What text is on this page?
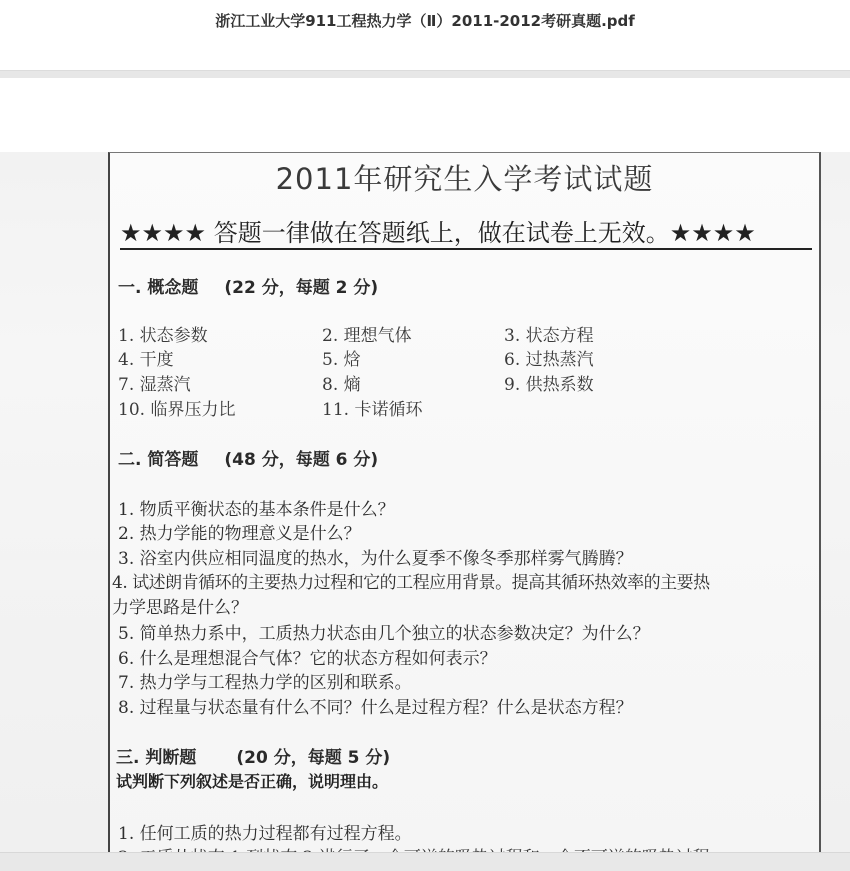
浙江工业大学911工程热力学（Ⅱ）2011-2012考研真题.pdf
2011年研究生入学考试试题
★★★★ 答题一律做在答题纸上，做在试卷上无效。★★★★
一. 概念题 (22 分，每题 2 分)
1. 状态参数	2. 理想气体	3. 状态方程
4. 干度	5. 焓	6. 过热蒸汽
7. 湿蒸汽	8. 熵	9. 供热系数
10. 临界压力比	11. 卡诺循环
二. 简答题 (48 分，每题 6 分)
1. 物质平衡状态的基本条件是什么？
2. 热力学能的物理意义是什么？
3. 浴室内供应相同温度的热水，为什么夏季不像冬季那样雾气腾腾？
4. 试述朗肯循环的主要热力过程和它的工程应用背景。提高其循环热效率的主要热
力学思路是什么？
5. 简单热力系中，工质热力状态由几个独立的状态参数决定？为什么？
6. 什么是理想混合气体？它的状态方程如何表示？
7. 热力学与工程热力学的区别和联系。
8. 过程量与状态量有什么不同？什么是过程方程？什么是状态方程？
三. 判断题 (20 分，每题 5 分)
试判断下列叙述是否正确，说明理由。
1. 任何工质的热力过程都有过程方程。
